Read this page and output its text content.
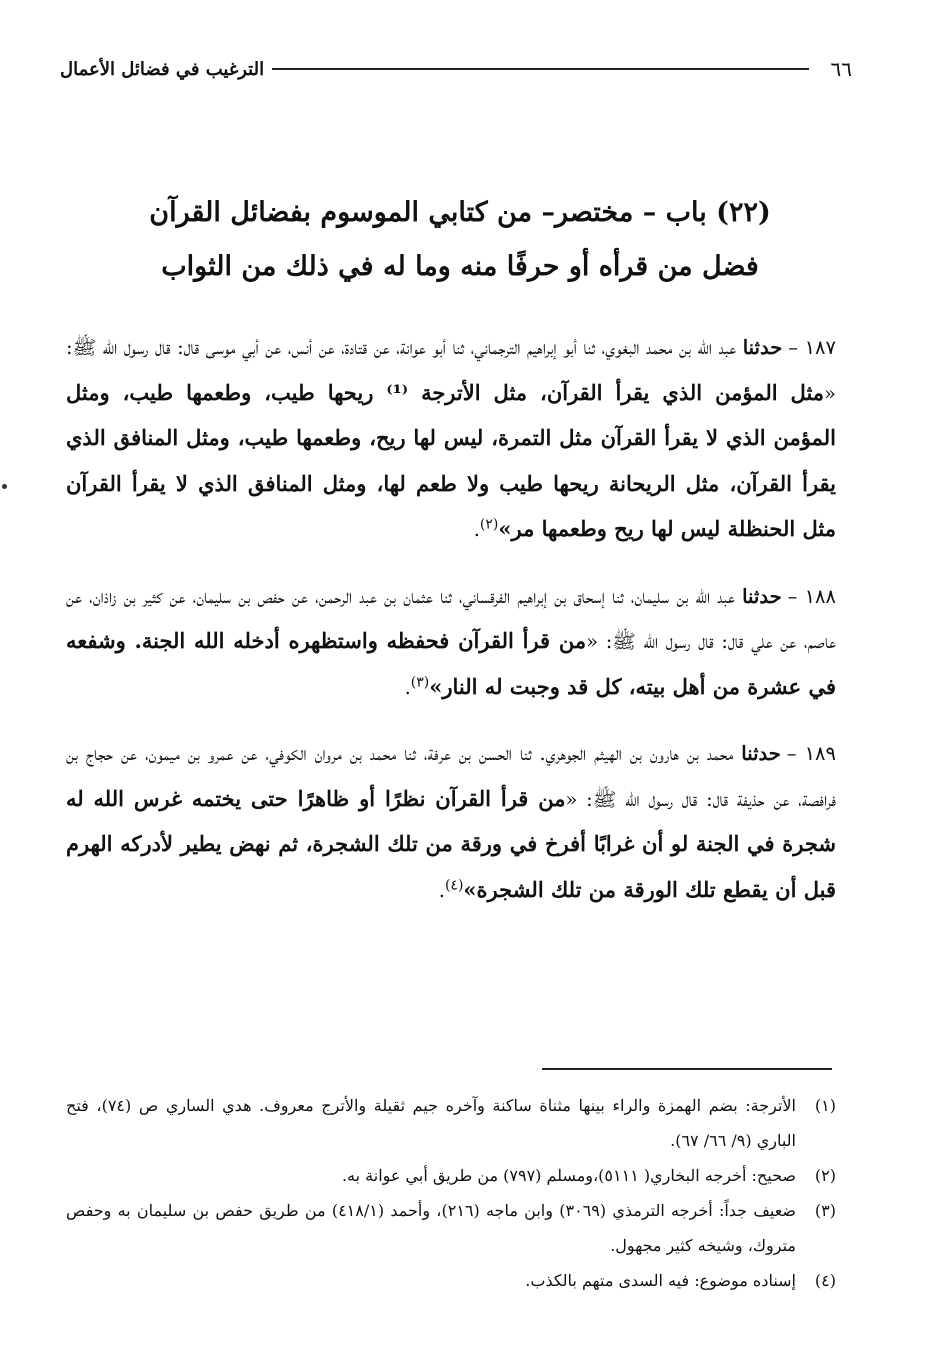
٦٦
الترغيب في فضائل الأعمال
(٢٢) باب – مختصر– من كتابي الموسوم بفضائل القرآن
فضل من قرأه أو حرفًا منه وما له في ذلك من الثواب

١٨٧ –حدثنا عبد الله بن محمد البغوي، ثنا أبو إبراهيم الترجماني، ثنا أبو عوانة، عن قتادة، عن أنس، عن أبي موسى قال: قال رسول الله ﷺ: «مثل المؤمن الذي يقرأ القرآن، مثل الأترجة ⁽¹⁾ ريحها طيب، وطعمها طيب، ومثل المؤمن الذي لا يقرأ القرآن مثل التمرة، ليس لها ريح، وطعمها طيب، ومثل المنافق الذي يقرأ القرآن، مثل الريحانة ريحها طيب ولا طعم لها، ومثل المنافق الذي لا يقرأ القرآن مثل الحنظلة ليس لها ريح وطعمها مر»$^{(٢)}$.

١٨٨ –حدثنا عبد الله بن سليمان، ثنا إسحاق بن إبراهيم الفرقساني، ثنا عثمان بن عبد الرحمن، عن حفص بن سليمان، عن كثير بن زاذان، عن عاصم، عن علي قال: قال رسول الله ﷺ: «من قرأ القرآن فحفظه واستظهره أدخله الله الجنة. وشفعه في عشرة من أهل بيته، كل قد وجبت له النار»$^{(٣)}$.

١٨٩ –حدثنا محمد بن هارون بن الهيثم الجوهري. ثنا الحسن بن عرفة، ثنا محمد بن مروان الكوفي، عن عمرو بن ميمون، عن حجاج بن فرافصة، عن حذيفة قال: قال رسول الله ﷺ: «من قرأ القرآن نظرًا أو ظاهرًا حتى يختمه غرس الله له شجرة في الجنة لو أن غرابًا أفرخ في ورقة من تلك الشجرة، ثم نهض يطير لأدركه الهرم قبل أن يقطع تلك الورقة من تلك الشجرة»$^{(٤)}$.

(١)
الأترجة: بضم الهمزة والراء بينها مثناة ساكنة وآخره جيم ثقيلة والأترج معروف. هدي الساري ص (٧٤)، فتح الباري (٩/ ٦٦/ ٦٧).
(٢)
صحيح: أخرجه البخاري( ٥١١١)،ومسلم (٧٩٧) من طريق أبي عوانة به.
(٣)
ضعيف جداً: أخرجه الترمذي (٣٠٦٩) وابن ماجه (٢١٦)، وأحمد (٤١٨/١) من طريق حفص بن سليمان به وحفص متروك، وشيخه كثير مجهول.
(٤)
إسناده موضوع: فيه السدى متهم بالكذب.
